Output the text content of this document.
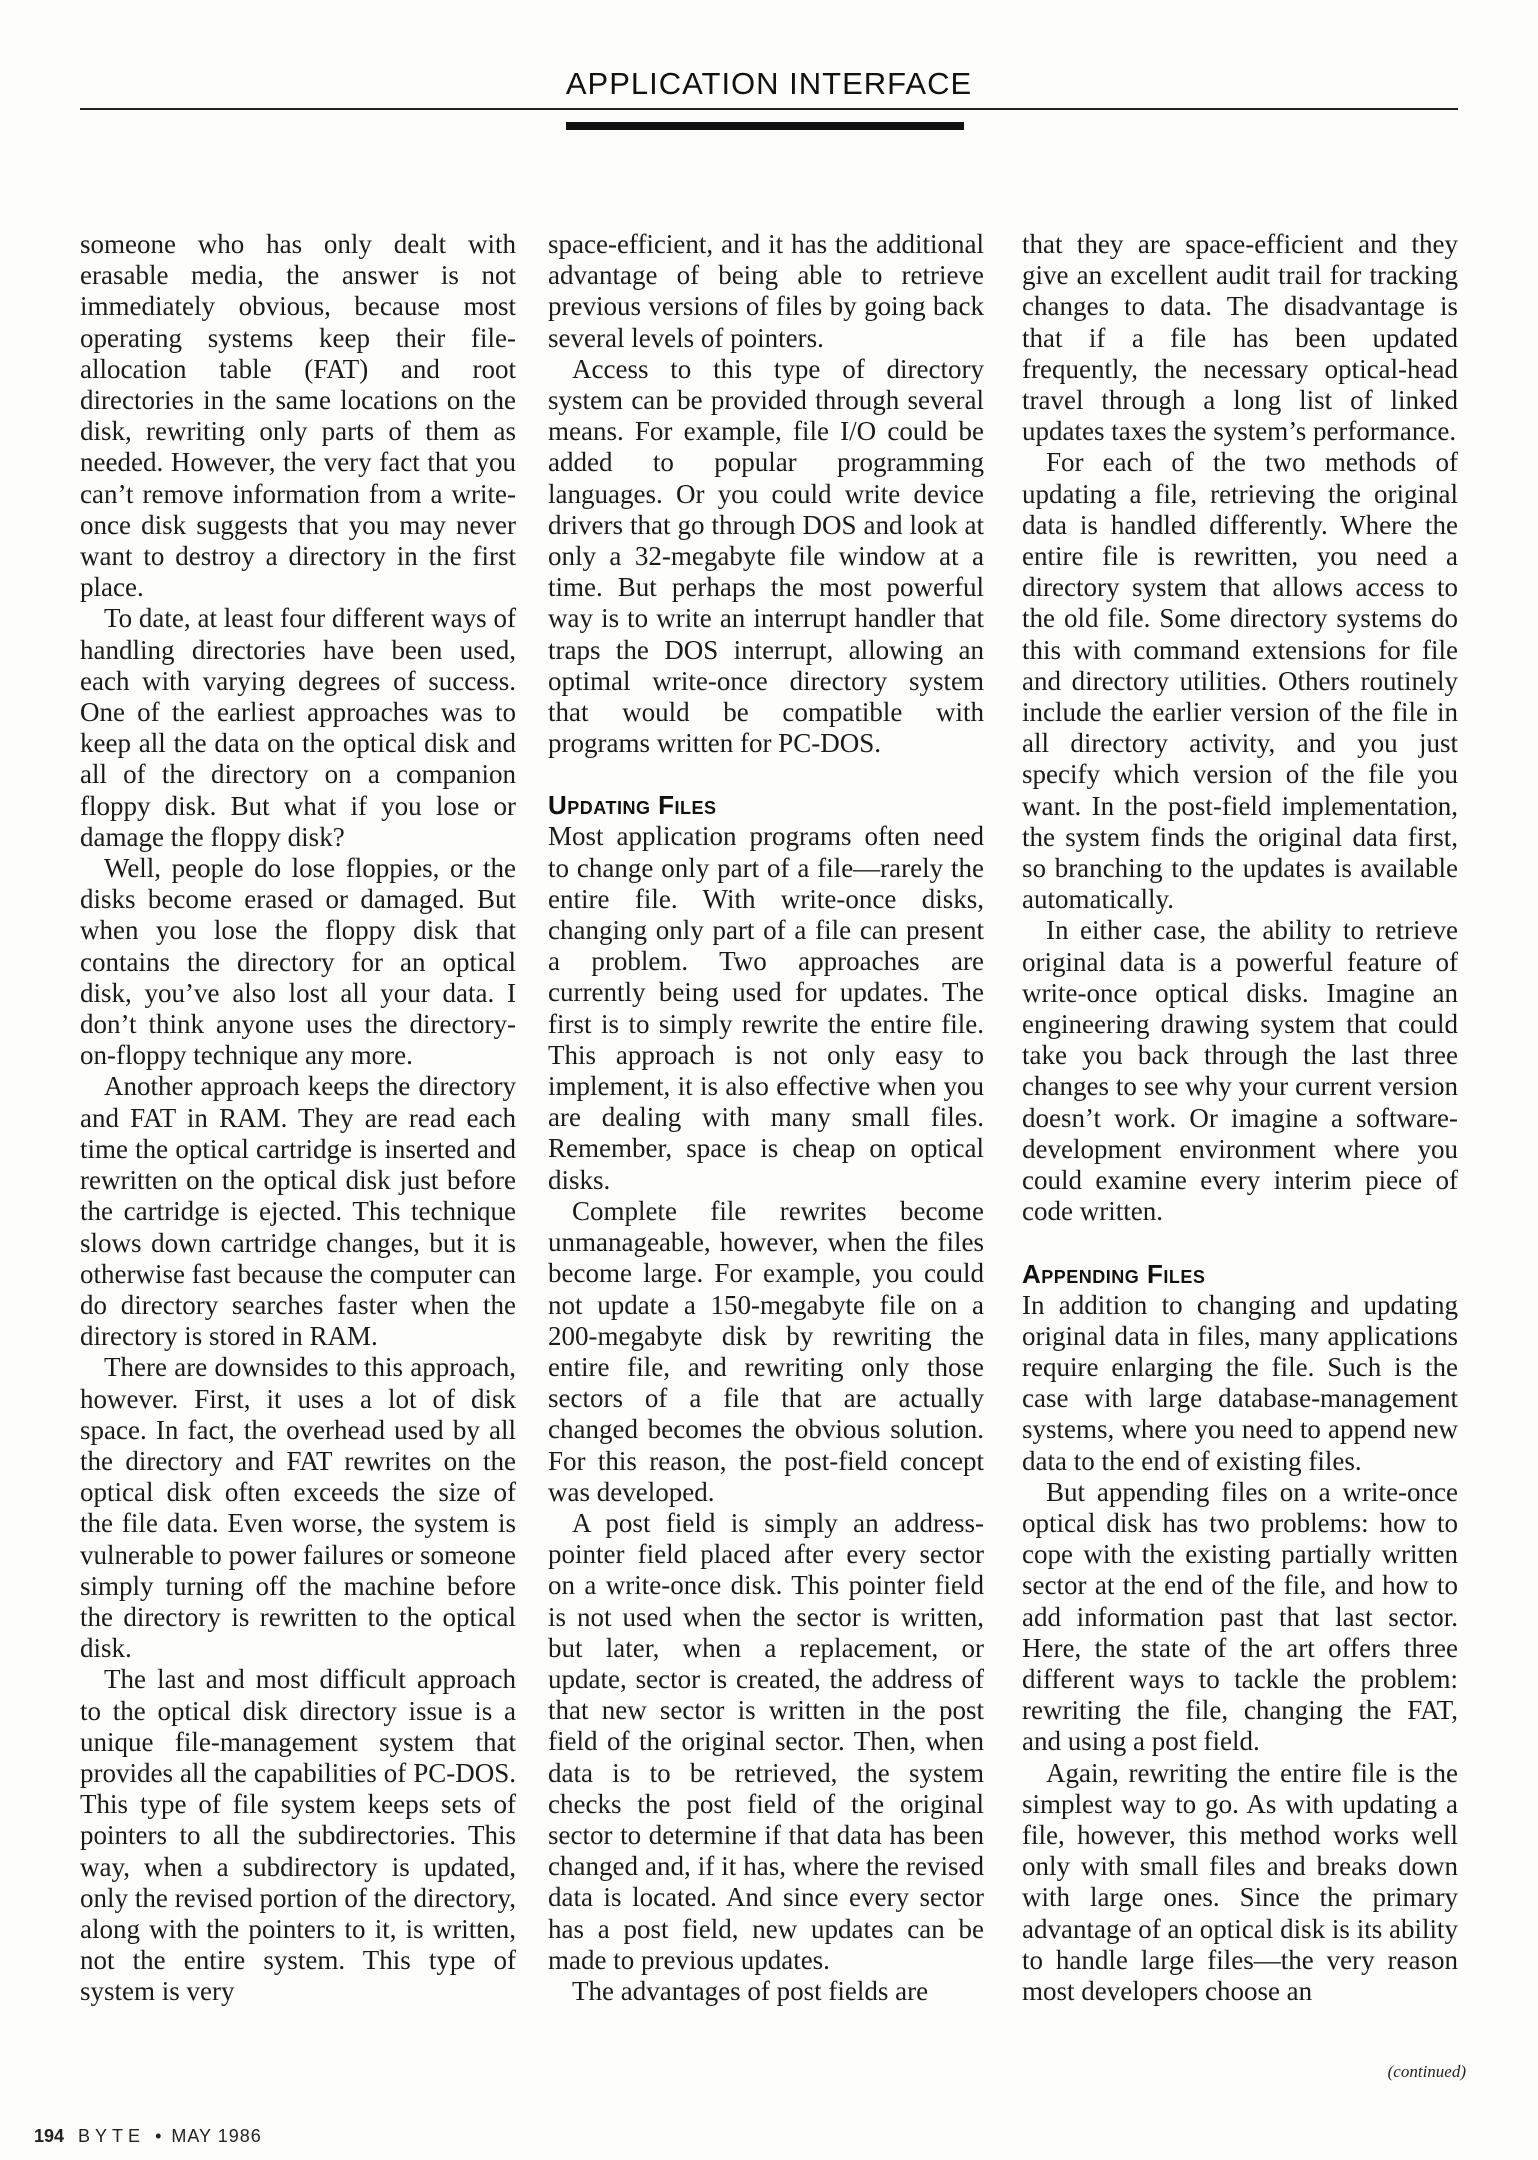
APPLICATION INTERFACE

someone who has only dealt with erasable media, the answer is not immediately obvious, because most operating systems keep their file-allocation table (FAT) and root directories in the same locations on the disk, rewriting only parts of them as needed. However, the very fact that you can’t remove information from a write-once disk suggests that you may never want to destroy a directory in the first place.

To date, at least four different ways of handling directories have been used, each with varying degrees of success. One of the earliest approaches was to keep all the data on the optical disk and all of the directory on a companion floppy disk. But what if you lose or damage the floppy disk?

Well, people do lose floppies, or the disks become erased or damaged. But when you lose the floppy disk that contains the directory for an optical disk, you’ve also lost all your data. I don’t think anyone uses the directory-on-floppy technique any more.

Another approach keeps the directory and FAT in RAM. They are read each time the optical cartridge is inserted and rewritten on the optical disk just before the cartridge is ejected. This technique slows down cartridge changes, but it is otherwise fast because the computer can do directory searches faster when the directory is stored in RAM.

There are downsides to this approach, however. First, it uses a lot of disk space. In fact, the overhead used by all the directory and FAT rewrites on the optical disk often exceeds the size of the file data. Even worse, the system is vulnerable to power failures or someone simply turning off the machine before the directory is rewritten to the optical disk.

The last and most difficult approach to the optical disk directory issue is a unique file-management system that provides all the capabilities of PC-DOS. This type of file system keeps sets of pointers to all the subdirectories. This way, when a subdirectory is updated, only the revised portion of the directory, along with the pointers to it, is written, not the entire system. This type of system is very

space-efficient, and it has the additional advantage of being able to retrieve previous versions of files by going back several levels of pointers.

Access to this type of directory system can be provided through several means. For example, file I/O could be added to popular programming languages. Or you could write device drivers that go through DOS and look at only a 32-megabyte file window at a time. But perhaps the most powerful way is to write an interrupt handler that traps the DOS interrupt, allowing an optimal write-once directory system that would be compatible with programs written for PC-DOS.

Updating Files

Most application programs often need to change only part of a file—rarely the entire file. With write-once disks, changing only part of a file can present a problem. Two approaches are currently being used for updates. The first is to simply rewrite the entire file. This approach is not only easy to implement, it is also effective when you are dealing with many small files. Remember, space is cheap on optical disks.

Complete file rewrites become unmanageable, however, when the files become large. For example, you could not update a 150-megabyte file on a 200-megabyte disk by rewriting the entire file, and rewriting only those sectors of a file that are actually changed becomes the obvious solution. For this reason, the post-field concept was developed.

A post field is simply an address-pointer field placed after every sector on a write-once disk. This pointer field is not used when the sector is written, but later, when a replacement, or update, sector is created, the address of that new sector is written in the post field of the original sector. Then, when data is to be retrieved, the system checks the post field of the original sector to determine if that data has been changed and, if it has, where the revised data is located. And since every sector has a post field, new updates can be made to previous updates.

The advantages of post fields are

that they are space-efficient and they give an excellent audit trail for tracking changes to data. The disadvantage is that if a file has been updated frequently, the necessary optical-head travel through a long list of linked updates taxes the system’s performance.

For each of the two methods of updating a file, retrieving the original data is handled differently. Where the entire file is rewritten, you need a directory system that allows access to the old file. Some directory systems do this with command extensions for file and directory utilities. Others routinely include the earlier version of the file in all directory activity, and you just specify which version of the file you want. In the post-field implementation, the system finds the original data first, so branching to the updates is available automatically.

In either case, the ability to retrieve original data is a powerful feature of write-once optical disks. Imagine an engineering drawing system that could take you back through the last three changes to see why your current version doesn’t work. Or imagine a software-development environment where you could examine every interim piece of code written.

Appending Files

In addition to changing and updating original data in files, many applications require enlarging the file. Such is the case with large database-management systems, where you need to append new data to the end of existing files.

But appending files on a write-once optical disk has two problems: how to cope with the existing partially written sector at the end of the file, and how to add information past that last sector. Here, the state of the art offers three different ways to tackle the problem: rewriting the file, changing the FAT, and using a post field.

Again, rewriting the entire file is the simplest way to go. As with updating a file, however, this method works well only with small files and breaks down with large ones. Since the primary advantage of an optical disk is its ability to handle large files—the very reason most developers choose an

(continued)
194 BYTE • MAY 1986
